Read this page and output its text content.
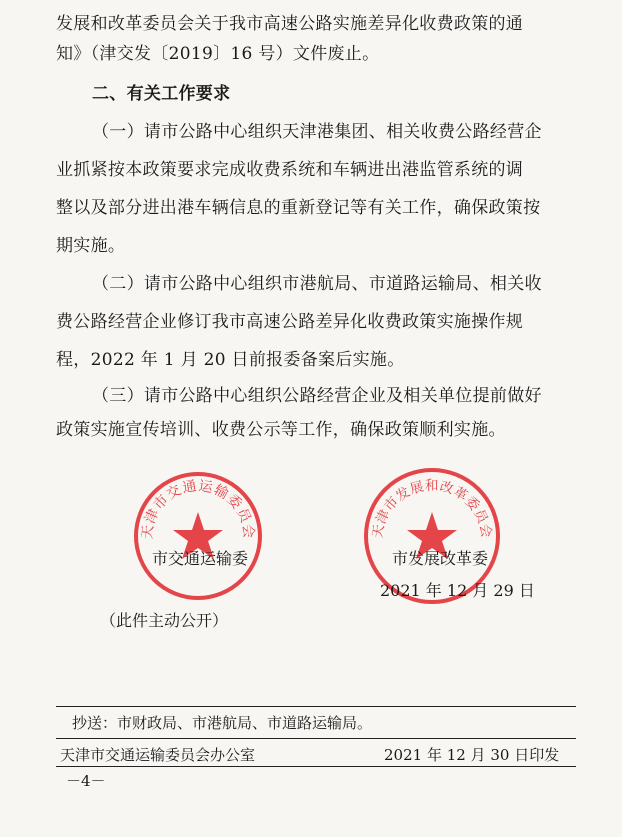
发展和改革委员会关于我市高速公路实施差异化收费政策的通
知》（津交发〔2019〕16 号）文件废止。
二、有关工作要求
（一）请市公路中心组织天津港集团、相关收费公路经营企
业抓紧按本政策要求完成收费系统和车辆进出港监管系统的调
整以及部分进出港车辆信息的重新登记等有关工作，确保政策按
期实施。
（二）请市公路中心组织市港航局、市道路运输局、相关收
费公路经营企业修订我市高速公路差异化收费政策实施操作规
程，2022 年 1 月 20 日前报委备案后实施。
（三）请市公路中心组织公路经营企业及相关单位提前做好
政策实施宣传培训、收费公示等工作，确保政策顺利实施。
天津市交通运输委员会	天津市发展和改革委员会
市交通运输委	市发展改革委
2021 年 12 月 29 日
（此件主动公开）
抄送：市财政局、市港航局、市道路运输局。
天津市交通运输委员会办公室	2021 年 12 月 30 日印发
－4－
